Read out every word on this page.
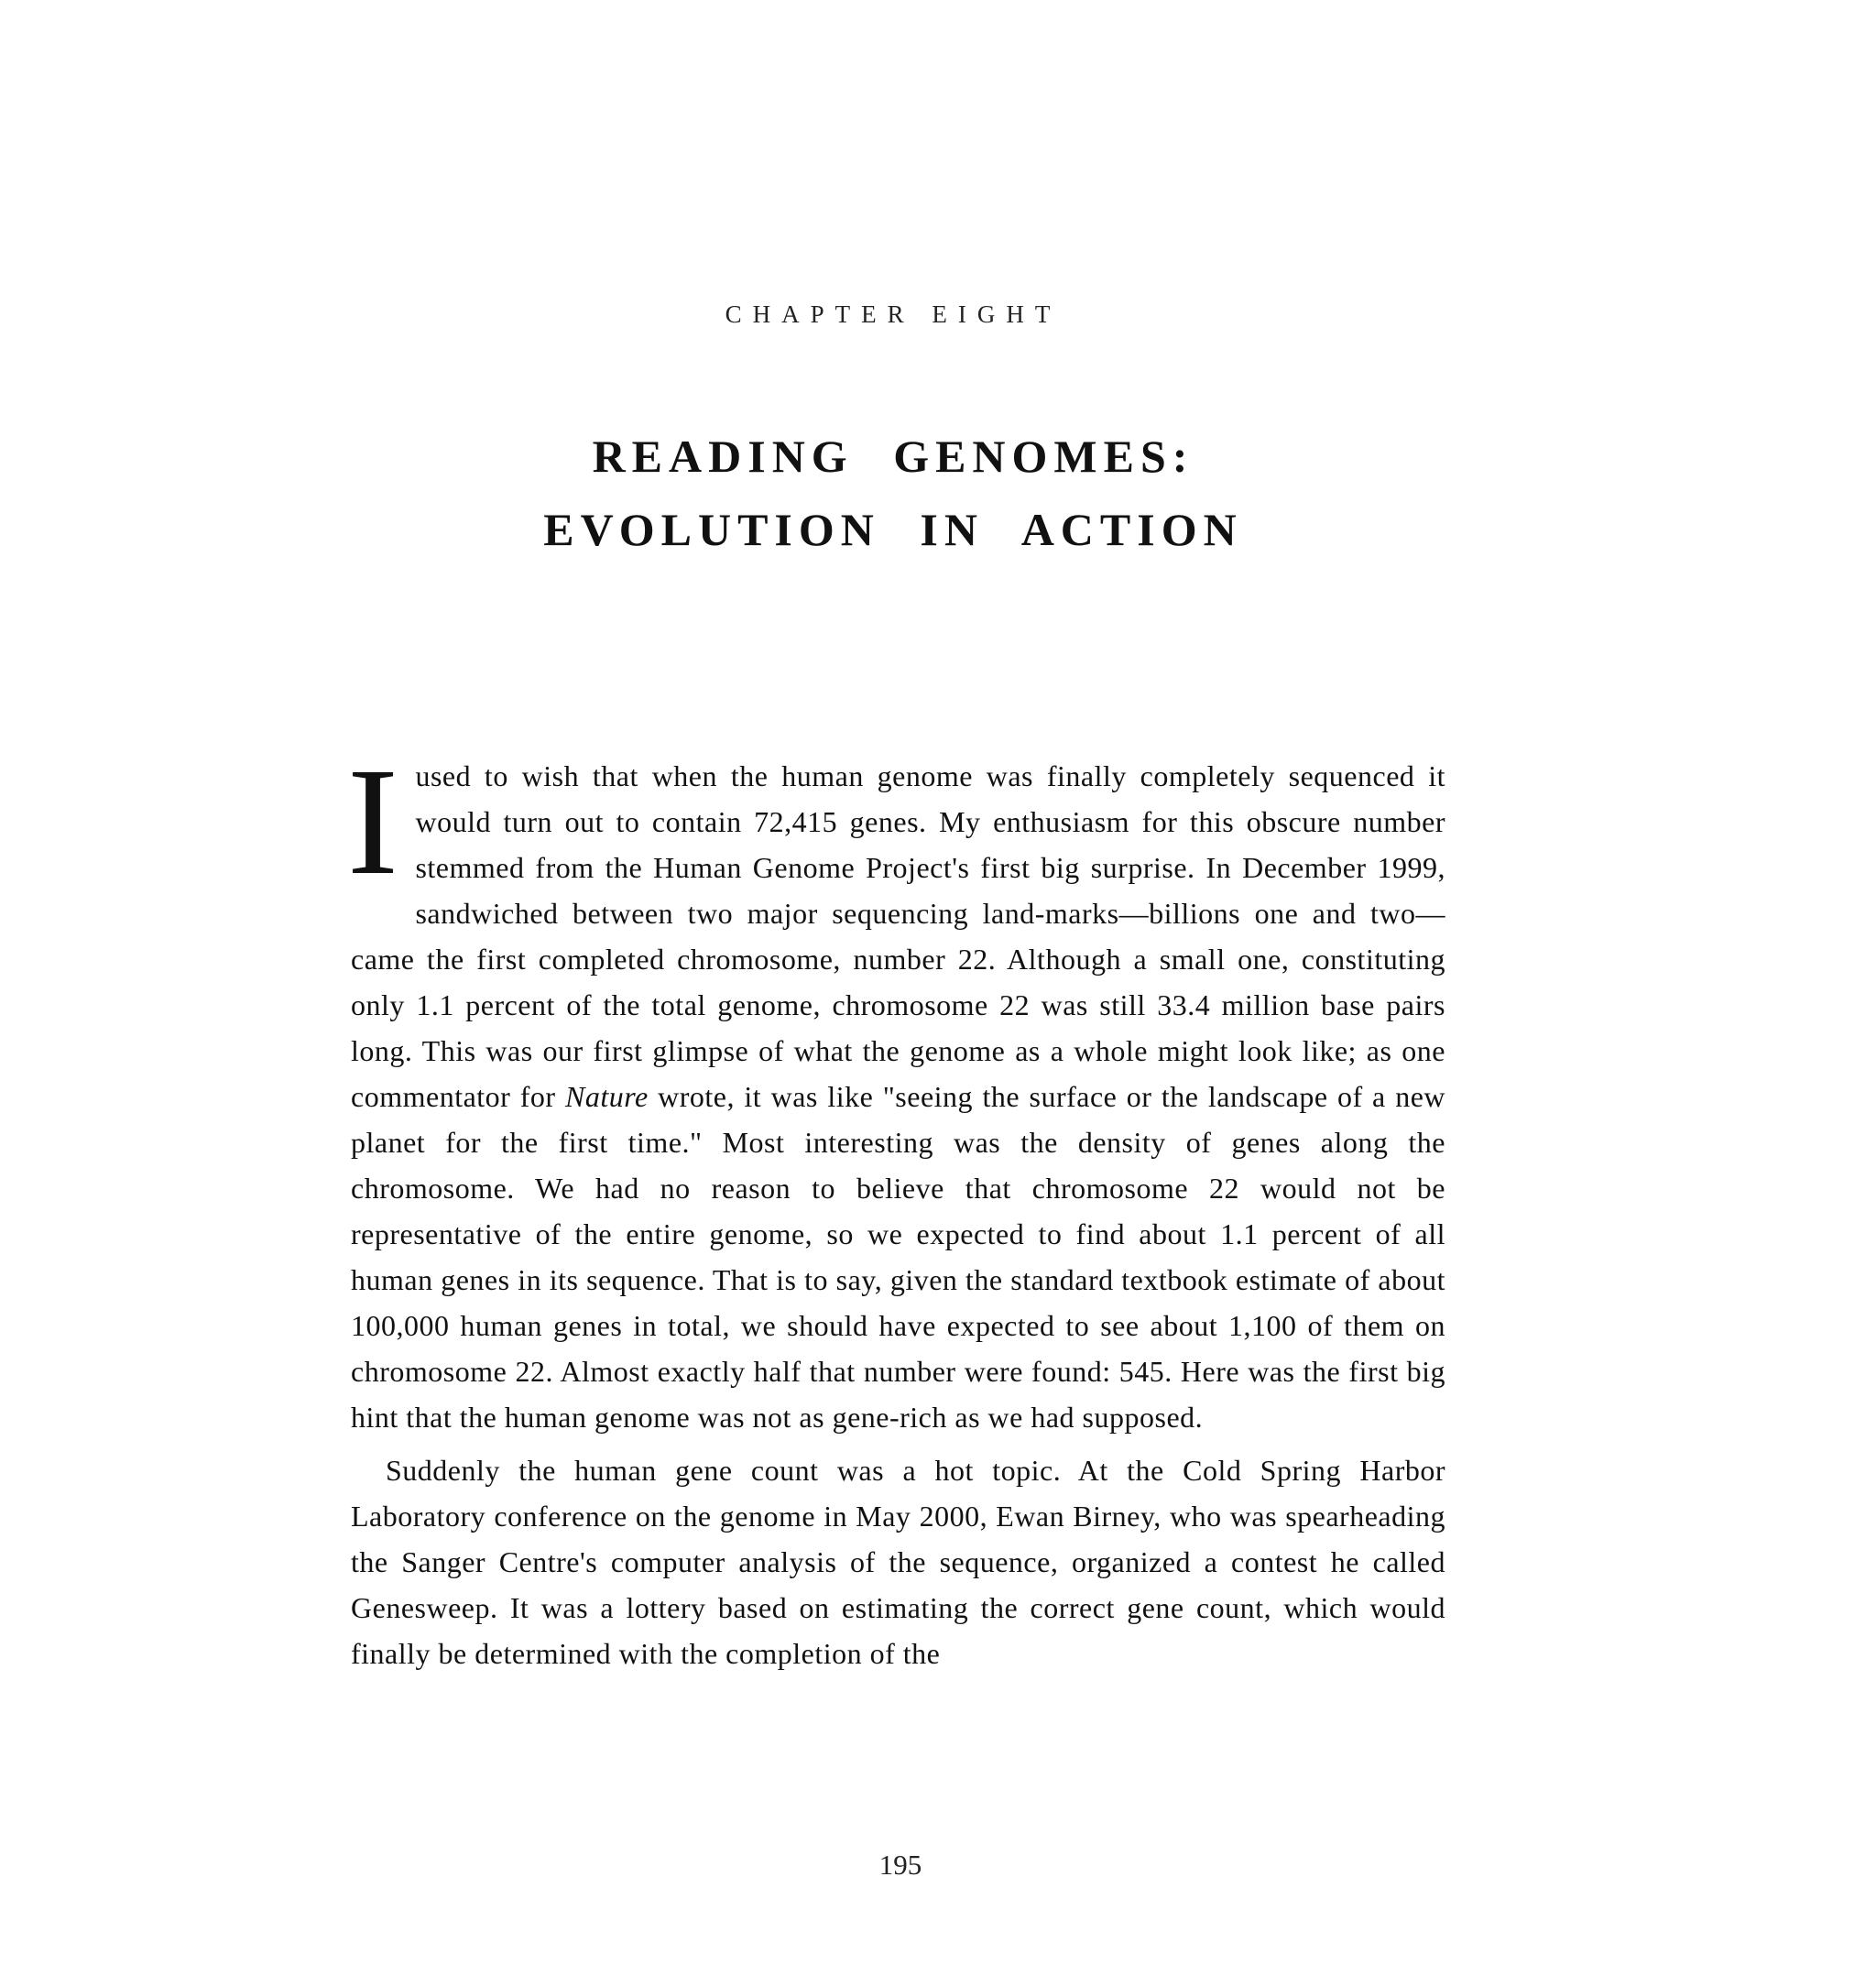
CHAPTER EIGHT
READING GENOMES:
EVOLUTION IN ACTION

I used to wish that when the human genome was finally completely sequenced it would turn out to contain 72,415 genes. My enthusiasm for this obscure number stemmed from the Human Genome Project's first big surprise. In December 1999, sandwiched between two major sequencing land-marks—billions one and two—came the first completed chromosome, number 22. Although a small one, constituting only 1.1 percent of the total genome, chromosome 22 was still 33.4 million base pairs long. This was our first glimpse of what the genome as a whole might look like; as one commentator for Nature wrote, it was like "seeing the surface or the landscape of a new planet for the first time." Most interesting was the density of genes along the chromosome. We had no reason to believe that chromosome 22 would not be representative of the entire genome, so we expected to find about 1.1 percent of all human genes in its sequence. That is to say, given the standard textbook estimate of about 100,000 human genes in total, we should have expected to see about 1,100 of them on chromosome 22. Almost exactly half that number were found: 545. Here was the first big hint that the human genome was not as gene-rich as we had supposed.

Suddenly the human gene count was a hot topic. At the Cold Spring Harbor Laboratory conference on the genome in May 2000, Ewan Birney, who was spearheading the Sanger Centre's computer analysis of the sequence, organized a contest he called Genesweep. It was a lottery based on estimating the correct gene count, which would finally be determined with the completion of the

195
